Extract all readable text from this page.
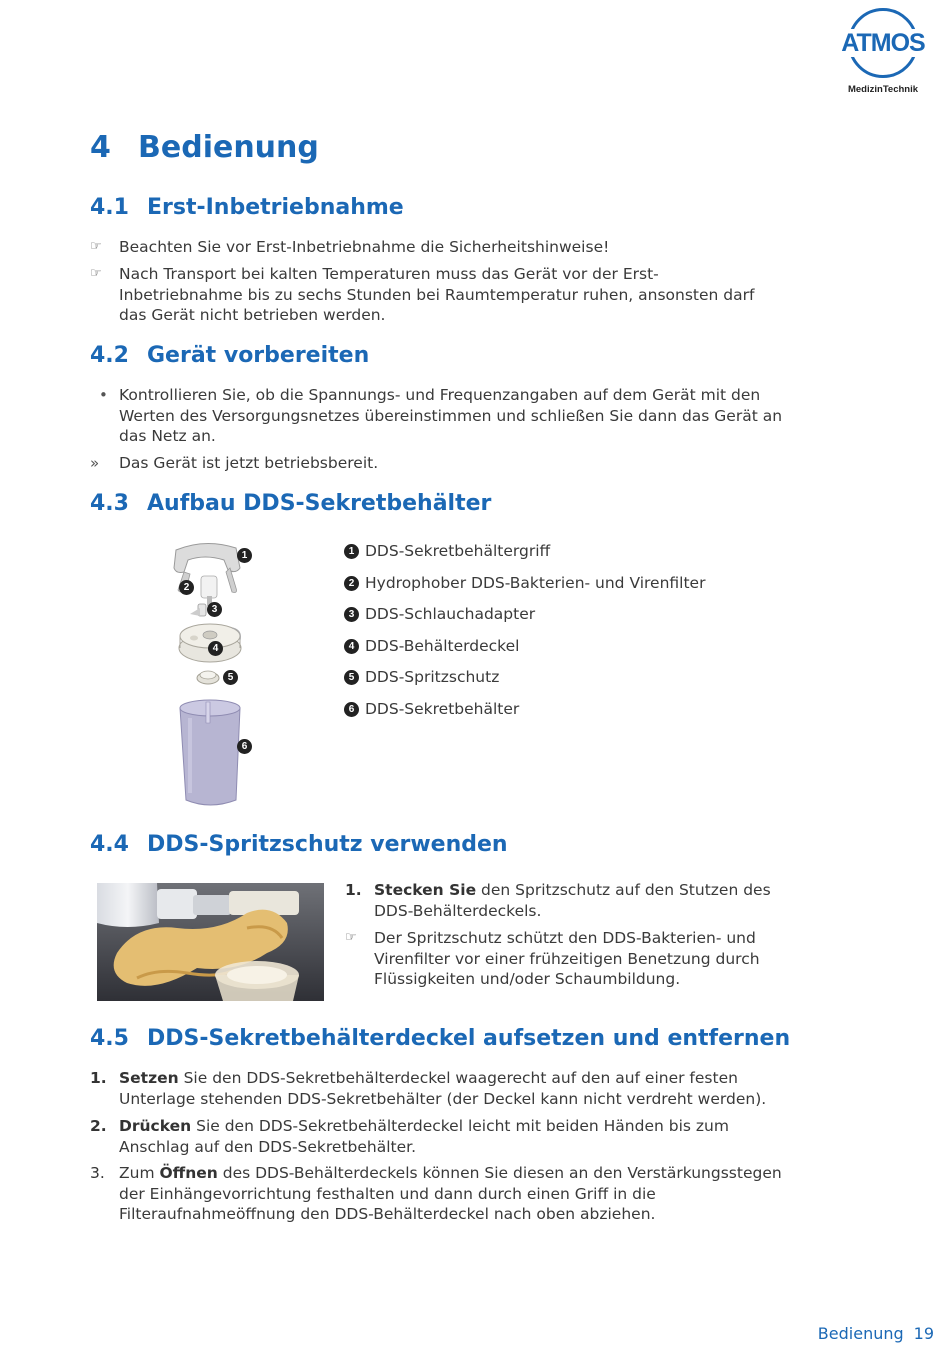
ATMOS
MedizinTechnik
4 Bedienung
4.1 Erst-Inbetriebnahme
☞	Beachten Sie vor Erst-Inbetriebnahme die Sicherheitshinweise!
☞	Nach Transport bei kalten Temperaturen muss das Gerät vor der Erst-Inbetriebnahme bis zu sechs Stunden bei Raumtemperatur ruhen, ansonsten darf das Gerät nicht betrieben werden.
4.2 Gerät vorbereiten
• Kontrollieren Sie, ob die Spannungs- und Frequenzangaben auf dem Gerät mit den Werten des Versorgungsnetzes übereinstimmen und schließen Sie dann das Gerät an das Netz an.
»	Das Gerät ist jetzt betriebsbereit.
4.3 Aufbau DDS-Sekretbehälter
1
2
3
4
5
6
1 DDS-Sekretbehältergriff
2 Hydrophober DDS-Bakterien- und Virenfilter
3 DDS-Schlauchadapter
4 DDS-Behälterdeckel
5 DDS-Spritzschutz
6 DDS-Sekretbehälter
4.4 DDS-Spritzschutz verwenden
1. Stecken Sie den Spritzschutz auf den Stutzen des DDS-Behälterdeckels.
☞	Der Spritzschutz schützt den DDS-Bakterien- und Virenfilter vor einer frühzeitigen Benetzung durch Flüssigkeiten und/oder Schaumbildung.
4.5 DDS-Sekretbehälterdeckel aufsetzen und entfernen
1. Setzen Sie den DDS-Sekretbehälterdeckel waagerecht auf den auf einer festen Unterlage stehenden DDS-Sekretbehälter (der Deckel kann nicht verdreht werden).
2. Drücken Sie den DDS-Sekretbehälterdeckel leicht mit beiden Händen bis zum Anschlag auf den DDS-Sekretbehälter.
3. Zum Öffnen des DDS-Behälterdeckels können Sie diesen an den Verstärkungsstegen der Einhängevorrichtung festhalten und dann durch einen Griff in die Filteraufnahmeöffnung den DDS-Behälterdeckel nach oben abziehen.
Bedienung 19
